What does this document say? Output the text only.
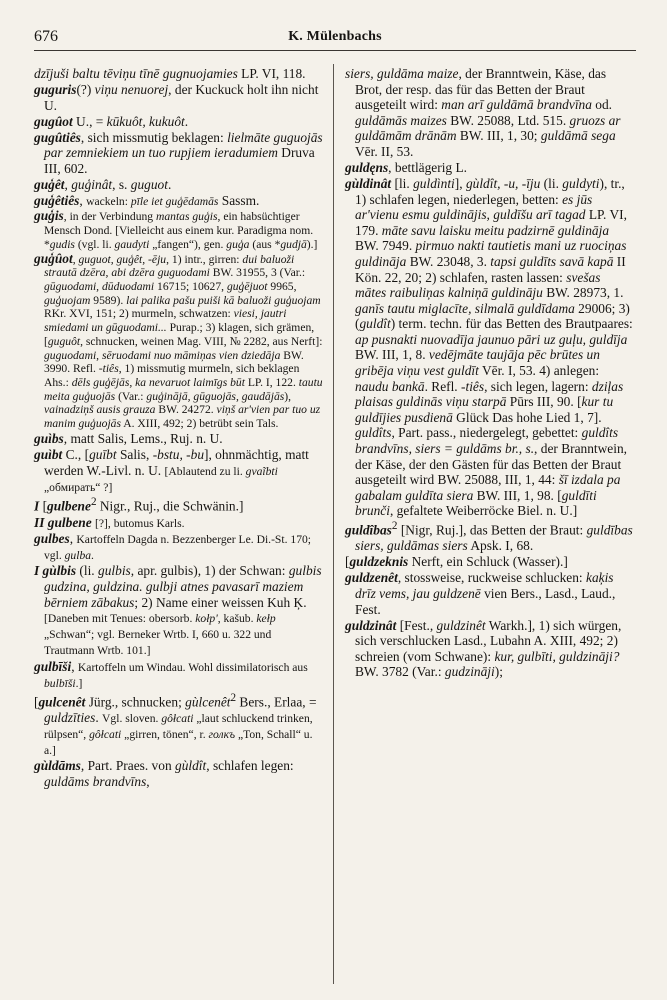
676	K. Mülenbachs

dzījuši baltu tēviņu tīnē gugnuojamies LP. VI, 118.

guguris(?) viņu nenuorej, der Kuckuck holt ihn nicht U.

gugûot U., = kūkuôt, kukuôt.

gugûtiês, sich missmutig beklagen: lielmāte guguojās par zemniekiem un tuo rupjiem ieradumiem Druva III, 602.

guģêt, guģinât, s. guguot.

guģêtiês, wackeln: pīle iet guģēdamās Sassm.

guģis, in der Verbindung mantas guģis, ein habsüchtiger Mensch Dond. [Vielleicht aus einem kur. Paradigma nom. *gudis (vgl. li. gaudyti „fangen“), gen. guģa (aus *gudjā).]

guģûot, guguot, guģêt, -ēju, 1) intr., girren: dui baluoži strautā dzēra, abi dzēra guguodami BW. 31955, 3 (Var.: gūguodami, dūduodami 16715; 10627, guģējuot 9965, guģuojam 9589). lai palika pašu puiši kā baluoži guģuojam RKr. XVI, 151; 2) murmeln, schwatzen: viesi, jautri smiedami un gūguodami... Purap.; 3) klagen, sich grämen, [guguôt, schnucken, weinen Mag. VIII, № 2282, aus Nerft]: guguodami, sēruodami nuo māmiņas vien dziedāja BW. 3990. Refl. -tiês, 1) missmutig murmeln, sich beklagen Ahs.: dēls guģējās, ka nevaruot laimīgs būt LP. I, 122. tautu meita guģuojās (Var.: guģinājā, gūguojās, gaudājās), vainadziņš ausis grauza BW. 24272. viņš ar'vien par tuo uz manim guģuojās A. XIII, 492; 2) betrübt sein Tals.

guìbs, matt Salis, Lems., Ruj. n. U.

guìbt C., [guībt Salis, -bstu, -bu], ohnmächtig, matt werden W.-Livl. n. U. [Ablautend zu li. gvaĩbti „обмирать“ ?]

I [gulbene$^2$ Nigr., Ruj., die Schwänin.]

II gulbene [?], butomus Karls.

gulbes, Kartoffeln Dagda n. Bezzenberger Le. Di.-St. 170; vgl. gulba.

I gùlbis (li. gulbis, apr. gulbis), 1) der Schwan: gulbis gudzina, guldzina. gulbji atnes pavasarī maziem bērniem zābakus; 2) Name einer weissen Kuh Ķ. [Daneben mit Tenues: obersorb. kołp', kašub. kełp „Schwan“; vgl. Berneker Wrtb. I, 660 u. 322 und Trautmann Wrtb. 101.]

gulbīši, Kartoffeln um Windau. Wohl dissimilatorisch aus bulbīši.]

[gulcenêt Jürg., schnucken; gùlcenêt$^2$ Bers., Erlaa, = guldzīties. Vgl. sloven. gôłcati „laut schluckend trinken, rülpsen“, gôłcati „girren, tönen“, r. голкъ „Ton, Schall“ u. a.]

gùldāms, Part. Praes. von gùldît, schlafen legen: guldāms brandvīns,

siers, guldāma maize, der Branntwein, Käse, das Brot, der resp. das für das Betten der Braut ausgeteilt wird: man arī guldāmā brandvīna od. guldāmās maizes BW. 25088, Ltd. 515. gruozs ar guldāmām drānām BW. III, 1, 30; guldāmā sega Vēr. II, 53.

guldęns, bettlägerig L.

gùldinât [li. guldìnti], gùldît, -u, -īju (li. guldyti), tr., 1) schlafen legen, niederlegen, betten: es jūs ar'vienu esmu guldinājis, guldīšu arī tagad LP. VI, 179. māte savu laisku meitu padzirnē guldināja BW. 7949. pirmuo nakti tautietis mani uz ruociņas guldināja BW. 23048, 3. tapsi guldīts savā kapā II Kön. 22, 20; 2) schlafen, rasten lassen: svešas mātes raibuliņas kalniņā guldināju BW. 28973, 1. ganīs tautu miglacīte, silmalā guldīdama 29006; 3) (guldît) term. techn. für das Betten des Brautpaares: ap pusnakti nuovadīja jaunuo pāri uz guļu, guldīja BW. III, 1, 8. vedējmāte taujāja pēc brūtes un gribēja viņu vest guldīt Vēr. I, 53. 4) anlegen: naudu bankā. Refl. -tiês, sich legen, lagern: dziļas plaisas guldinās viņu starpā Pūrs III, 90. [kur tu guldījies pusdienā Glück Das hohe Lied 1, 7]. guldîts, Part. pass., niedergelegt, gebettet: guldîts brandvīns, siers = guldāms br., s., der Branntwein, der Käse, der den Gästen für das Betten der Braut ausgeteilt wird BW. 25088, III, 1, 44: šī izdala pa gabalam guldīta siera BW. III, 1, 98. [guldīti brunči, gefaltete Weiberröcke Biel. n. U.]

guldîbas$^2$ [Nigr, Ruj.], das Betten der Braut: guldības siers, guldāmas siers Apsk. I, 68.

[guldzeknis Nerft, ein Schluck (Wasser).]

guldzenêt, stossweise, ruckweise schlucken: kaķis drīz vems, jau guldzenē vien Bers., Lasd., Laud., Fest.

guldzinât [Fest., guldzinêt Warkh.], 1) sich würgen, sich verschlucken Lasd., Lubahn A. XIII, 492; 2) schreien (vom Schwane): kur, gulbīti, guldzināji? BW. 3782 (Var.: gudzināji);
